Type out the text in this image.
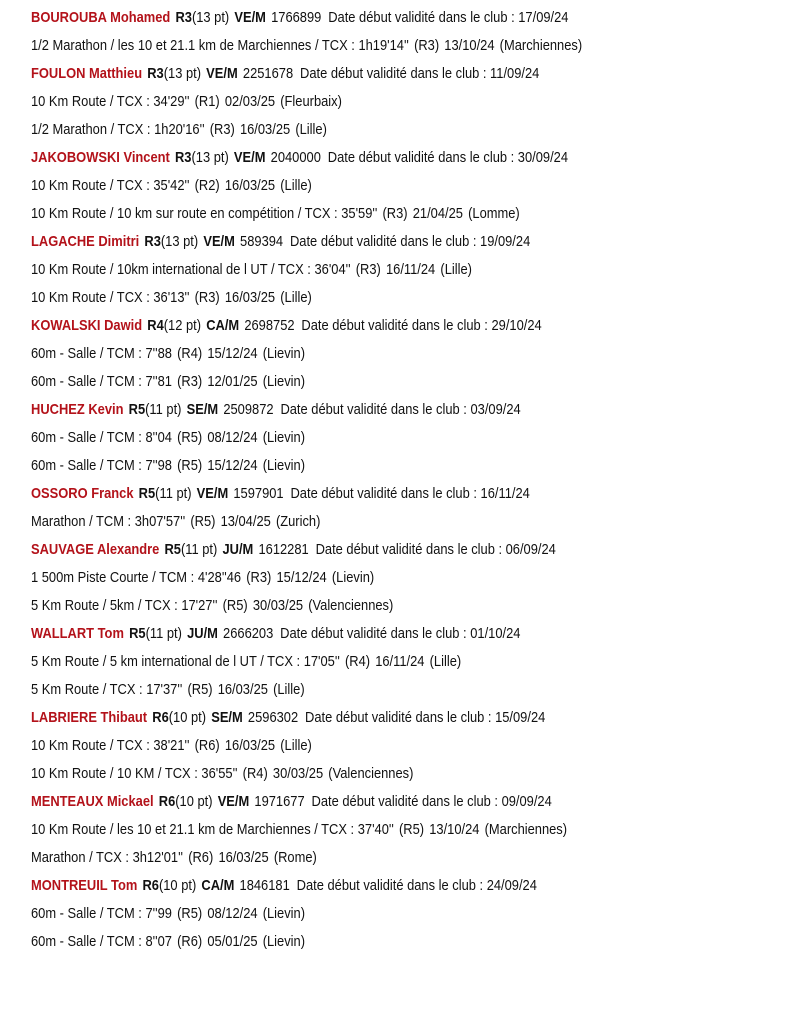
BOUROUBA Mohamed R3(13 pt) VE/M 1766899 Date début validité dans le club : 17/09/24
1/2 Marathon / les 10 et 21.1 km de Marchiennes / TCX : 1h19'14'' (R3) 13/10/24 (Marchiennes)
FOULON Matthieu R3(13 pt) VE/M 2251678 Date début validité dans le club : 11/09/24
10 Km Route / TCX : 34'29'' (R1) 02/03/25 (Fleurbaix)
1/2 Marathon / TCX : 1h20'16'' (R3) 16/03/25 (Lille)
JAKOBOWSKI Vincent R3(13 pt) VE/M 2040000 Date début validité dans le club : 30/09/24
10 Km Route / TCX : 35'42'' (R2) 16/03/25 (Lille)
10 Km Route / 10 km sur route en compétition / TCX : 35'59'' (R3) 21/04/25 (Lomme)
LAGACHE Dimitri R3(13 pt) VE/M 589394 Date début validité dans le club : 19/09/24
10 Km Route / 10km international de l UT / TCX : 36'04'' (R3) 16/11/24 (Lille)
10 Km Route / TCX : 36'13'' (R3) 16/03/25 (Lille)
KOWALSKI Dawid R4(12 pt) CA/M 2698752 Date début validité dans le club : 29/10/24
60m - Salle / TCM : 7''88 (R4) 15/12/24 (Lievin)
60m - Salle / TCM : 7''81 (R3) 12/01/25 (Lievin)
HUCHEZ Kevin R5(11 pt) SE/M 2509872 Date début validité dans le club : 03/09/24
60m - Salle / TCM : 8''04 (R5) 08/12/24 (Lievin)
60m - Salle / TCM : 7''98 (R5) 15/12/24 (Lievin)
OSSORO Franck R5(11 pt) VE/M 1597901 Date début validité dans le club : 16/11/24
Marathon / TCM : 3h07'57'' (R5) 13/04/25 (Zurich)
SAUVAGE Alexandre R5(11 pt) JU/M 1612281 Date début validité dans le club : 06/09/24
1 500m Piste Courte / TCM : 4'28''46 (R3) 15/12/24 (Lievin)
5 Km Route / 5km / TCX : 17'27'' (R5) 30/03/25 (Valenciennes)
WALLART Tom R5(11 pt) JU/M 2666203 Date début validité dans le club : 01/10/24
5 Km Route / 5 km international de l UT / TCX : 17'05'' (R4) 16/11/24 (Lille)
5 Km Route / TCX : 17'37'' (R5) 16/03/25 (Lille)
LABRIERE Thibaut R6(10 pt) SE/M 2596302 Date début validité dans le club : 15/09/24
10 Km Route / TCX : 38'21'' (R6) 16/03/25 (Lille)
10 Km Route / 10 KM / TCX : 36'55'' (R4) 30/03/25 (Valenciennes)
MENTEAUX Mickael R6(10 pt) VE/M 1971677 Date début validité dans le club : 09/09/24
10 Km Route / les 10 et 21.1 km de Marchiennes / TCX : 37'40'' (R5) 13/10/24 (Marchiennes)
Marathon / TCX : 3h12'01'' (R6) 16/03/25 (Rome)
MONTREUIL Tom R6(10 pt) CA/M 1846181 Date début validité dans le club : 24/09/24
60m - Salle / TCM : 7''99 (R5) 08/12/24 (Lievin)
60m - Salle / TCM : 8''07 (R6) 05/01/25 (Lievin)
